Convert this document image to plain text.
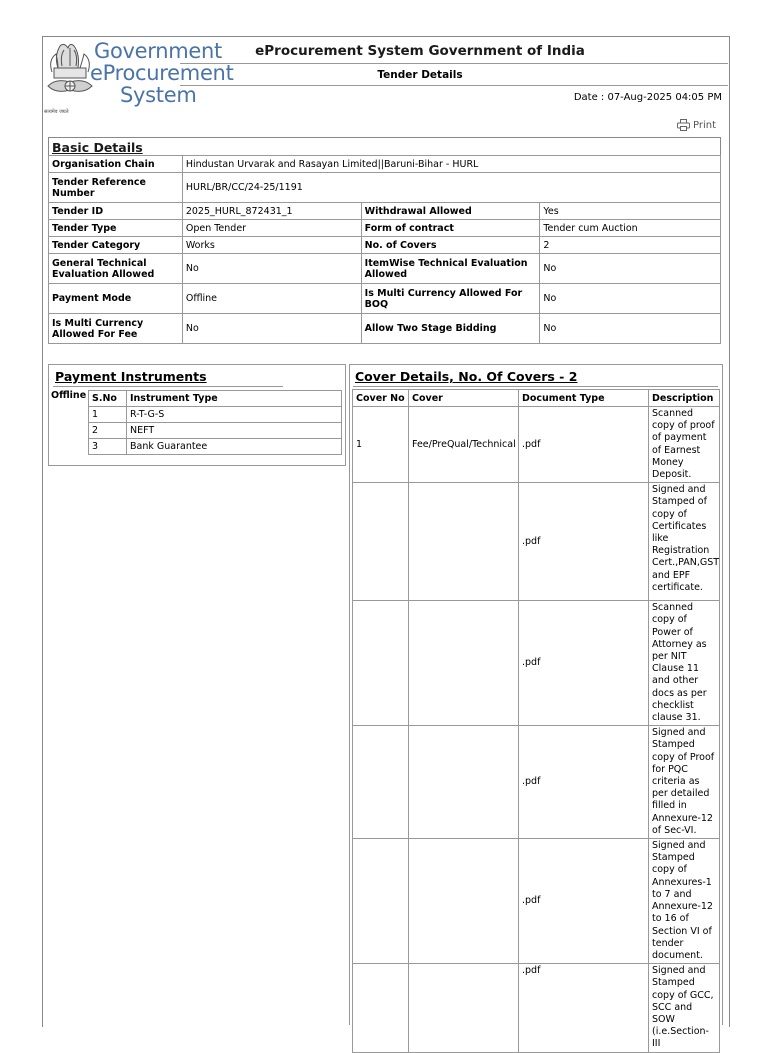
सत्यमेव जयते
Government
eProcurement
System
eProcurement System Government of India
Tender Details
Date : 07-Aug-2025 04:05 PM
Print
Basic Details			
Organisation Chain	Hindustan Urvarak and Rasayan Limited||Baruni-Bihar - HURL		
Tender Reference Number	HURL/BR/CC/24-25/1191		
Tender ID	2025_HURL_872431_1	Withdrawal Allowed	Yes
Tender Type	Open Tender	Form of contract	Tender cum Auction
Tender Category	Works	No. of Covers	2
General Technical Evaluation Allowed	No	ItemWise Technical Evaluation Allowed	No
Payment Mode	Offline	Is Multi Currency Allowed For BOQ	No
Is Multi Currency Allowed For Fee	No	Allow Two Stage Bidding	No
Payment Instruments
Offline S.No	Instrument Type
1	R-T-G-S
2	NEFT
3	Bank Guarantee
Cover Details, No. Of Covers - 2
Cover No	Cover	Document Type	Description
1	Fee/PreQual/Technical	.pdf	Scanned copy of proof of payment of Earnest Money Deposit.
		.pdf	Signed and Stamped of copy of Certificates like Registration Cert.,PAN,GST and EPF certificate.
		.pdf	Scanned copy of Power of Attorney as per NIT Clause 11 and other docs as per checklist clause 31.
		.pdf	Signed and Stamped copy of Proof for PQC criteria as per detailed filled in Annexure-12 of Sec-VI.
		.pdf	Signed and Stamped copy of Annexures-1 to 7 and Annexure-12 to 16 of Section VI of tender document.
		.pdf	Signed and Stamped copy of GCC, SCC and SOW (i.e.Section-III
